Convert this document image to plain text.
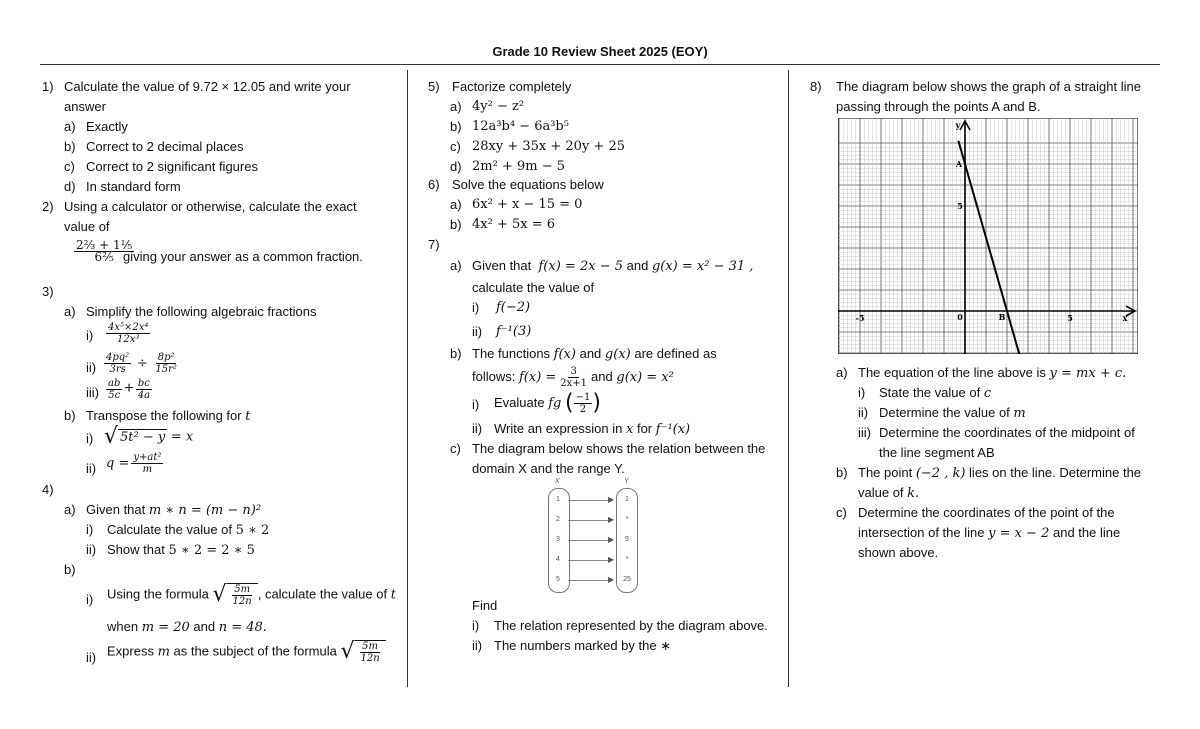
Grade 10 Review Sheet 2025 (EOY)
1) Calculate the value of 9.72 × 12.05 and write your
answer
a) Exactly
b) Correct to 2 decimal places
c) Correct to 2 significant figures
d) In standard form
2) Using a calculator or otherwise, calculate the exact
value of
$\frac{\text{2⅔ + 1⅕}}{\text{6⅖}}$
giving your answer as a common fraction.
3)
a) Simplify the following algebraic fractions
$i) \frac{\text{4x⁵×2x⁴}}{\text{12x³}}$
$ii) \frac{\text{4pq²}}{3rs} \div \frac{\text{8p²}}{\text{15r²}}$
$iii) \frac{ab}{5c} + \frac{bc}{4a}$
b) Transpose the following for t
i) √ 5t² − y = x
ii) $q = \frac{\text{y+at²}}{m}$
4)
a) Given that m ∗ n = (m − n)²
i) Calculate the value of 5 ∗ 2
ii) Show that 5 ∗ 2 = 2 ∗ 5
b)
i) Using the formula √ $\frac{5m}{12n}$ , calculate the value of t
when m = 20 and n = 48.
ii) Express m as the subject of the formula √ $\frac{5m}{12n}$
5) Factorize completely
a) 4y² − z²
b) 12a³b⁴ − 6a³b⁵
c) 28xy + 35x + 20y + 25
d) 2m² + 9m − 5
6) Solve the equations below
a) 6x² + x − 15 = 0
b) 4x² + 5x = 6
7)
a) Given that f(x) = 2x − 5 and g(x) = x² − 31 ,
calculate the value of
i) f(−2)
ii) f⁻¹(3)
b) The functions f(x) and g(x) are defined as
follows: $f(x) = \frac{3}{2x+1}$ and g(x) = x²
i) Evaluate fg ( $\frac{-1}{2}$ )
ii) Write an expression in x for f⁻¹(x)
c) The diagram below shows the relation between the
domain X and the range Y.
X	Y
1	▶	1
2	▶	*
3	▶	9
4	▶	*
5	▶ 25
Find
i) The relation represented by the diagram above.
ii) The numbers marked by the ∗
8) The diagram below shows the graph of a straight line
passing through the points A and B.
A
B
5
-5	5
0	x
y
a) The equation of the line above is y = mx + c.
i) State the value of c
ii) Determine the value of m
iii) Determine the coordinates of the midpoint of
the line segment AB
b) The point (−2 , k) lies on the line. Determine the
value of k.
c) Determine the coordinates of the point of the
intersection of the line y = x − 2 and the line
shown above.
